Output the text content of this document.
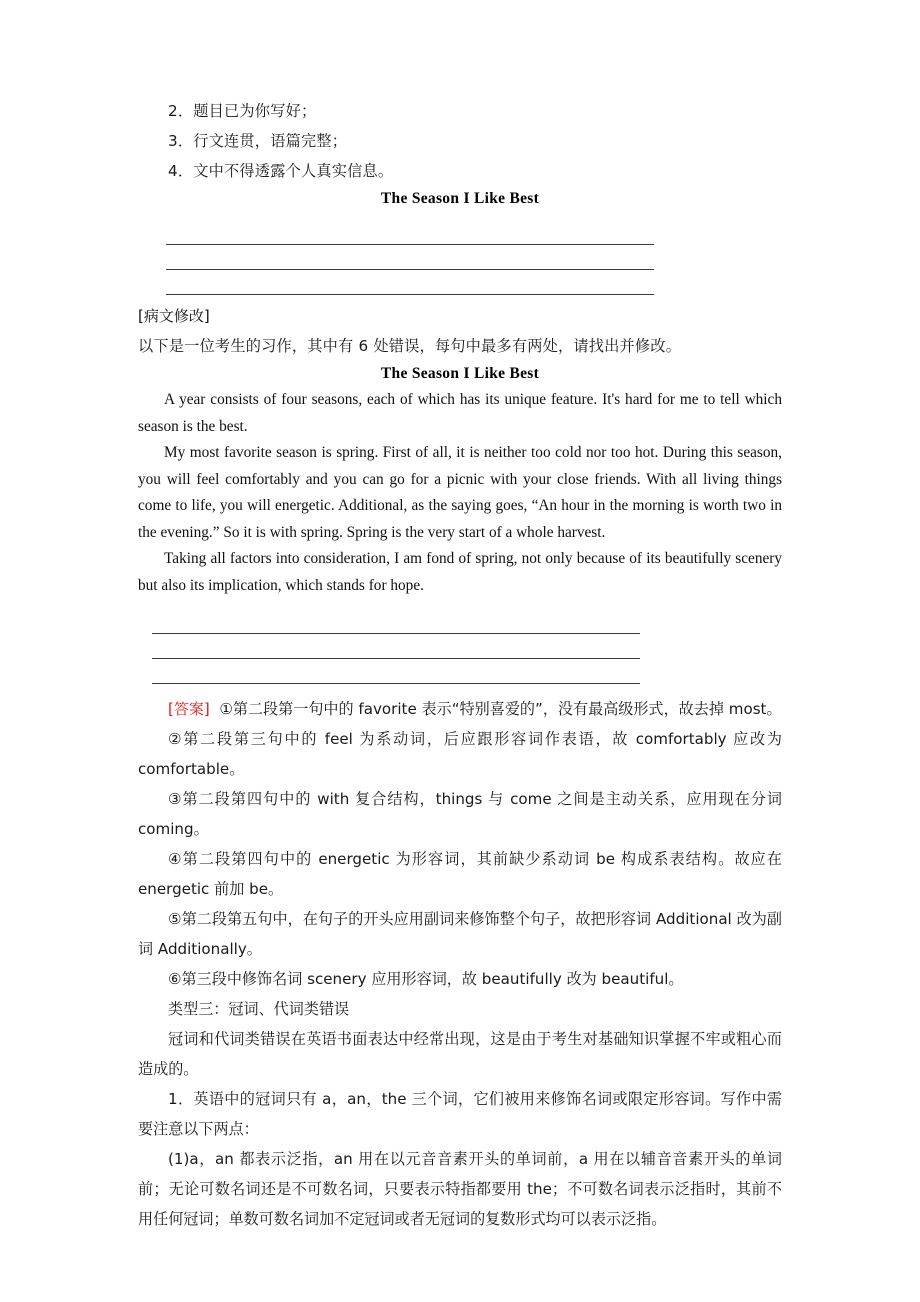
2．题目已为你写好；
3．行文连贯，语篇完整；
4．文中不得透露个人真实信息。
The Season I Like Best
[病文修改]
以下是一位考生的习作，其中有 6 处错误，每句中最多有两处，请找出并修改。
The Season I Like Best

A year consists of four seasons, each of which has its unique feature. It's hard for me to tell which season is the best.

My most favorite season is spring. First of all, it is neither too cold nor too hot. During this season, you will feel comfortably and you can go for a picnic with your close friends. With all living things come to life, you will energetic. Additional, as the saying goes, “An hour in the morning is worth two in the evening.” So it is with spring. Spring is the very start of a whole harvest.

Taking all factors into consideration, I am fond of spring, not only because of its beautifully scenery but also its implication, which stands for hope.

[答案] ①第二段第一句中的 favorite 表示“特别喜爱的”，没有最高级形式，故去掉 most。

②第二段第三句中的 feel 为系动词，后应跟形容词作表语，故 comfortably 应改为 comfortable。

③第二段第四句中的 with 复合结构，things 与 come 之间是主动关系，应用现在分词 coming。

④第二段第四句中的 energetic 为形容词，其前缺少系动词 be 构成系表结构。故应在 energetic 前加 be。

⑤第二段第五句中，在句子的开头应用副词来修饰整个句子，故把形容词 Additional 改为副词 Additionally。

⑥第三段中修饰名词 scenery 应用形容词，故 beautifully 改为 beautiful。

类型三：冠词、代词类错误

冠词和代词类错误在英语书面表达中经常出现，这是由于考生对基础知识掌握不牢或粗心而造成的。

1．英语中的冠词只有 a，an，the 三个词，它们被用来修饰名词或限定形容词。写作中需要注意以下两点：

(1)a，an 都表示泛指，an 用在以元音音素开头的单词前，a 用在以辅音音素开头的单词前；无论可数名词还是不可数名词，只要表示特指都要用 the；不可数名词表示泛指时，其前不用任何冠词；单数可数名词加不定冠词或者无冠词的复数形式均可以表示泛指。
